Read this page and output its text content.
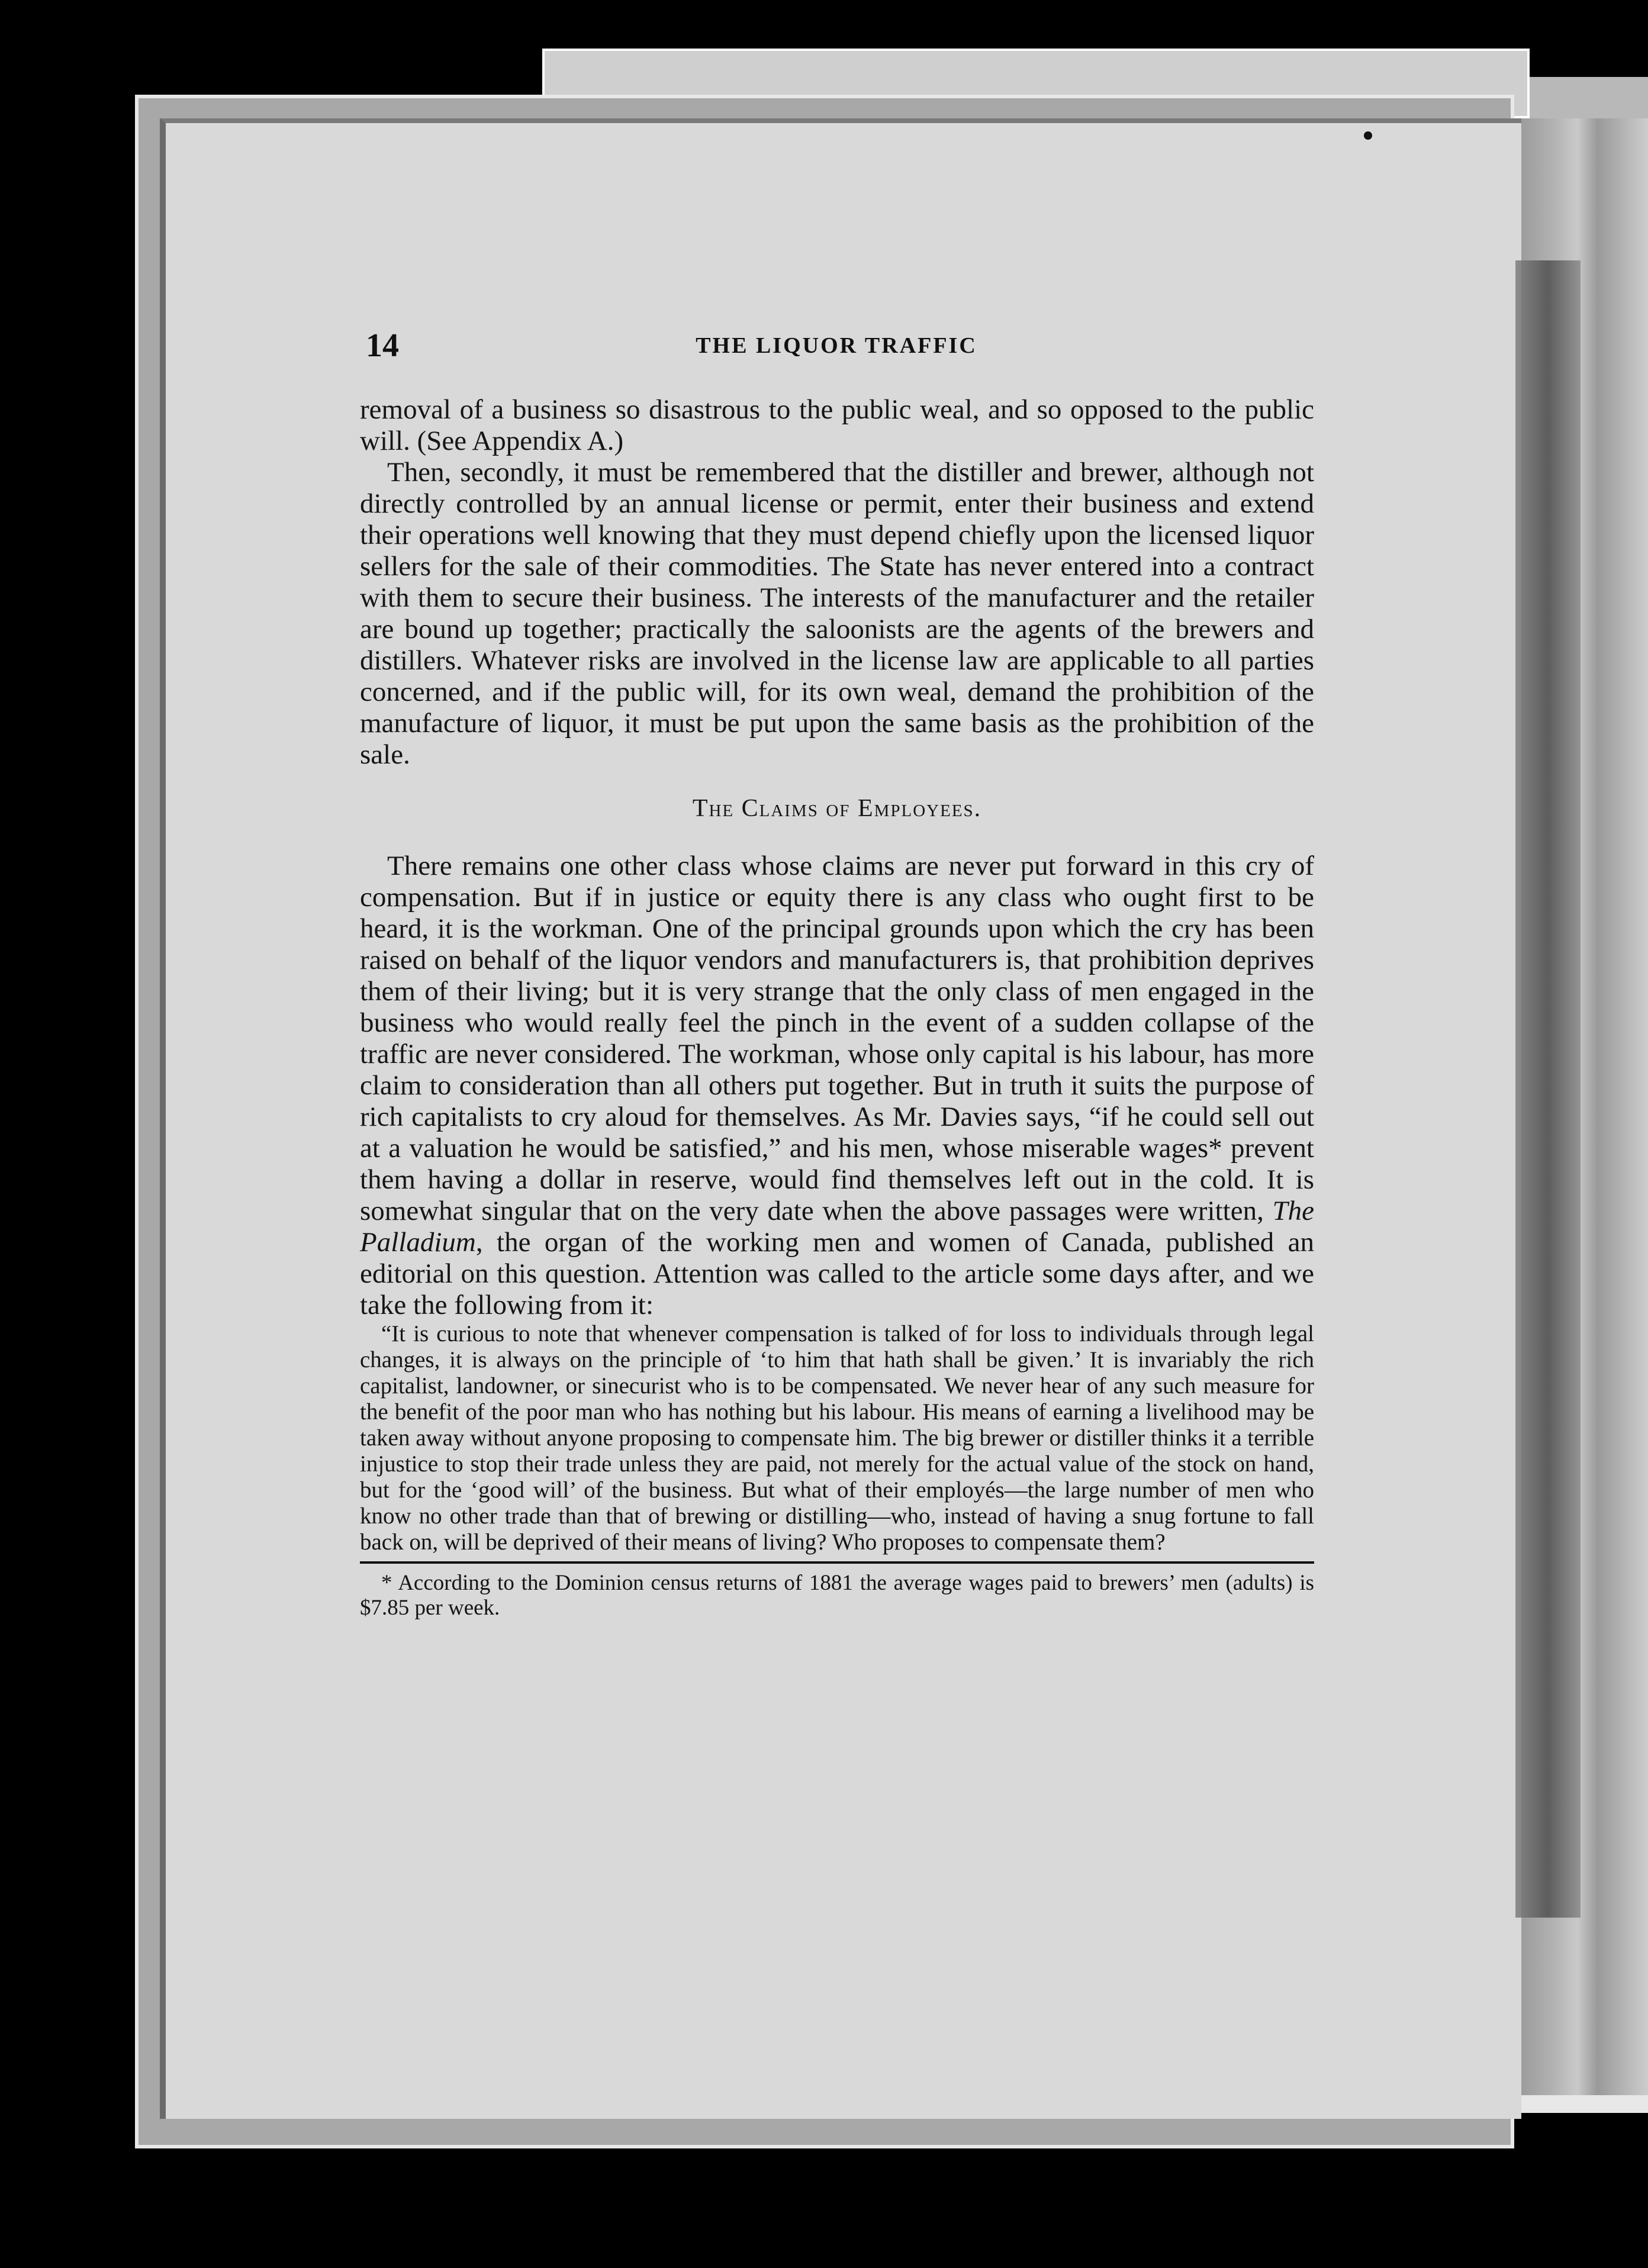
14	THE LIQUOR TRAFFIC

removal of a business so disastrous to the public weal, and so opposed to the public will. (See Appendix A.)

Then, secondly, it must be remembered that the distiller and brewer, although not directly controlled by an annual license or permit, enter their business and extend their operations well knowing that they must depend chiefly upon the licensed liquor sellers for the sale of their commodities. The State has never entered into a contract with them to secure their business. The interests of the manufacturer and the retailer are bound up together; practically the saloonists are the agents of the brewers and distillers. Whatever risks are involved in the license law are applicable to all parties concerned, and if the public will, for its own weal, demand the prohibition of the manufacture of liquor, it must be put upon the same basis as the prohibition of the sale.

The Claims of Employees.

There remains one other class whose claims are never put forward in this cry of compensation. But if in justice or equity there is any class who ought first to be heard, it is the workman. One of the principal grounds upon which the cry has been raised on behalf of the liquor vendors and manufacturers is, that prohibition deprives them of their living; but it is very strange that the only class of men engaged in the business who would really feel the pinch in the event of a sudden collapse of the traffic are never considered. The workman, whose only capital is his labour, has more claim to consideration than all others put together. But in truth it suits the purpose of rich capitalists to cry aloud for themselves. As Mr. Davies says, “if he could sell out at a valuation he would be satisfied,” and his men, whose miserable wages* prevent them having a dollar in reserve, would find themselves left out in the cold. It is somewhat singular that on the very date when the above passages were written, The Palladium, the organ of the working men and women of Canada, published an editorial on this question. Attention was called to the article some days after, and we take the following from it:

“It is curious to note that whenever compensation is talked of for loss to individuals through legal changes, it is always on the principle of ‘to him that hath shall be given.’ It is invariably the rich capitalist, landowner, or sinecurist who is to be compensated. We never hear of any such measure for the benefit of the poor man who has nothing but his labour. His means of earning a livelihood may be taken away without anyone proposing to compensate him. The big brewer or distiller thinks it a terrible injustice to stop their trade unless they are paid, not merely for the actual value of the stock on hand, but for the ‘good will’ of the business. But what of their employés—the large number of men who know no other trade than that of brewing or distilling—who, instead of having a snug fortune to fall back on, will be deprived of their means of living? Who proposes to compensate them?

* According to the Dominion census returns of 1881 the average wages paid to brewers’ men (adults) is $7.85 per week.
